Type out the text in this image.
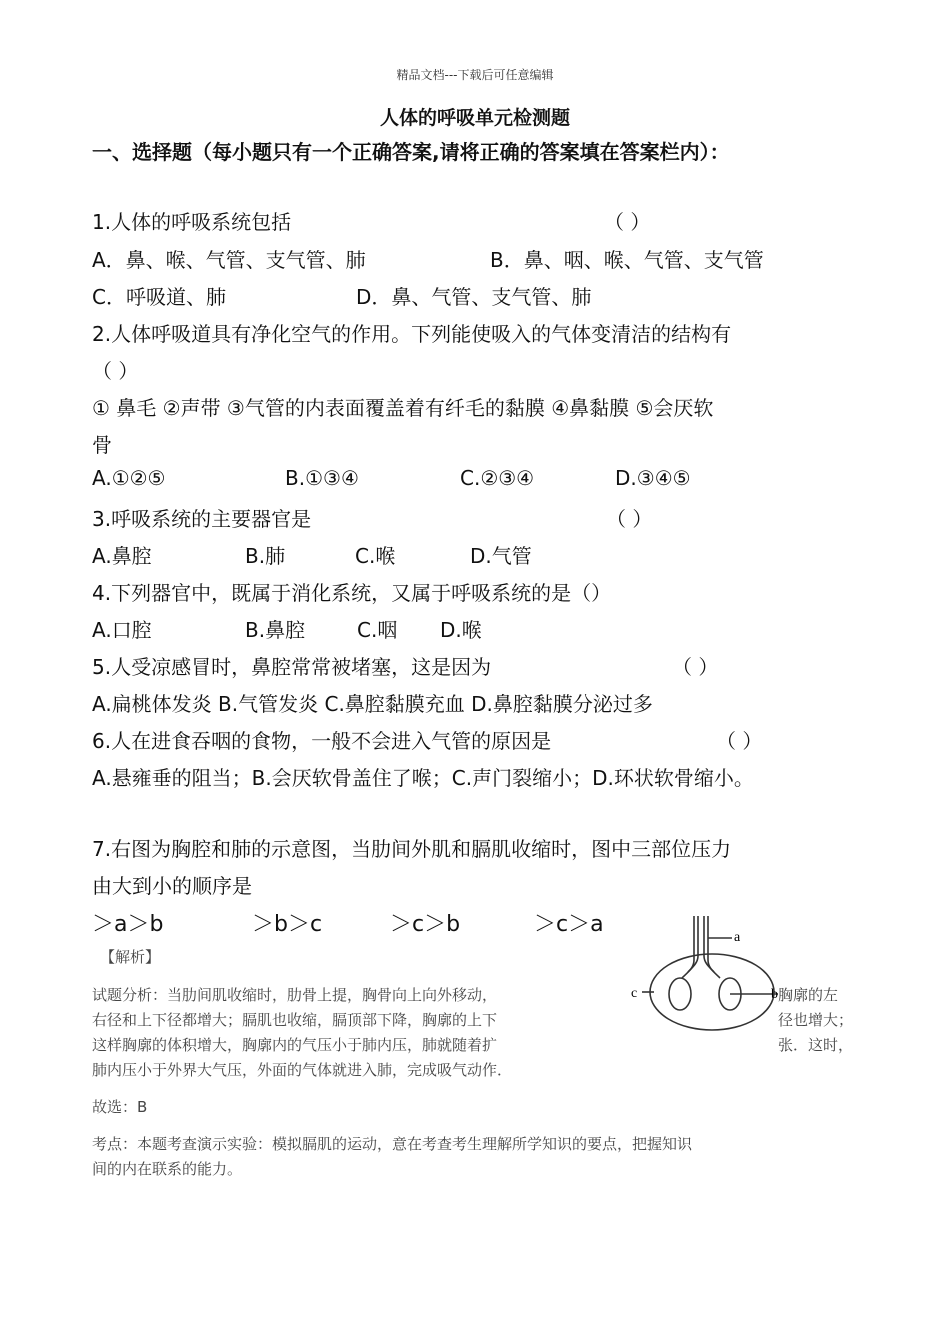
精品文档---下载后可任意编辑
人体的呼吸单元检测题
一、选择题（每小题只有一个正确答案,请将正确的答案填在答案栏内）：
1.人体的呼吸系统包括	（ ）
A．鼻、喉、气管、支气管、肺	B．鼻、咽、喉、气管、支气管
C．呼吸道、肺	D．鼻、气管、支气管、肺
2.人体呼吸道具有净化空气的作用。下列能使吸入的气体变清洁的结构有
（ ）
① 鼻毛 ②声带 ③气管的内表面覆盖着有纤毛的黏膜 ④鼻黏膜 ⑤会厌软
骨
A.①②⑤	B.①③④	C.②③④	D.③④⑤
3.呼吸系统的主要器官是	（ ）
A.鼻腔	B.肺	C.喉	D.气管
4.下列器官中，既属于消化系统，又属于呼吸系统的是（）
A.口腔	B.鼻腔	C.咽 D.喉
5.人受凉感冒时，鼻腔常常被堵塞，这是因为	（ ）
A.扁桃体发炎 B.气管发炎 C.鼻腔黏膜充血 D.鼻腔黏膜分泌过多
6.人在进食吞咽的食物，一般不会进入气管的原因是	（ ）
A.悬雍垂的阻当；B.会厌软骨盖住了喉；C.声门裂缩小；D.环状软骨缩小。
7.右图为胸腔和肺的示意图，当肋间外肌和膈肌收缩时，图中三部位压力
由大到小的顺序是
＞a＞b	＞b＞c	＞c＞b	＞c＞a
【解析】
试题分析：当肋间肌收缩时，肋骨上提，胸骨向上向外移动，	胸廓的左
右径和上下径都增大；膈肌也收缩，膈顶部下降，胸廓的上下	径也增大；
这样胸廓的体积增大，胸廓内的气压小于肺内压，肺就随着扩	张．这时，
肺内压小于外界大气压，外面的气体就进入肺，完成吸气动作．
故选：B
考点：本题考查演示实验：模拟膈肌的运动，意在考查考生理解所学知识的要点，把握知识
间的内在联系的能力。
a
c	b
